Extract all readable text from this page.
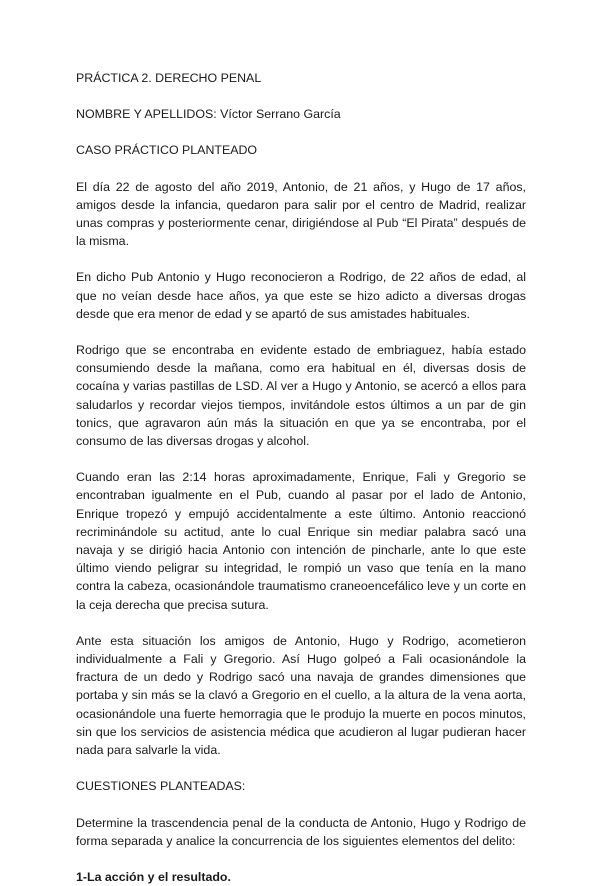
PRÁCTICA 2. DERECHO PENAL

NOMBRE Y APELLIDOS: Víctor Serrano García

CASO PRÁCTICO PLANTEADO

El día 22 de agosto del año 2019, Antonio, de 21 años, y Hugo de 17 años, amigos desde la infancia, quedaron para salir por el centro de Madrid, realizar unas compras y posteriormente cenar, dirigiéndose al Pub “El Pirata” después de la misma.

En dicho Pub Antonio y Hugo reconocieron a Rodrigo, de 22 años de edad, al que no veían desde hace años, ya que este se hizo adicto a diversas drogas desde que era menor de edad y se apartó de sus amistades habituales.

Rodrigo que se encontraba en evidente estado de embriaguez, había estado consumiendo desde la mañana, como era habitual en él, diversas dosis de cocaína y varias pastillas de LSD. Al ver a Hugo y Antonio, se acercó a ellos para saludarlos y recordar viejos tiempos, invitándole estos últimos a un par de gin tonics, que agravaron aún más la situación en que ya se encontraba, por el consumo de las diversas drogas y alcohol.

Cuando eran las 2:14 horas aproximadamente, Enrique, Fali y Gregorio se encontraban igualmente en el Pub, cuando al pasar por el lado de Antonio, Enrique tropezó y empujó accidentalmente a este último. Antonio reaccionó recriminándole su actitud, ante lo cual Enrique sin mediar palabra sacó una navaja y se dirigió hacia Antonio con intención de pincharle, ante lo que este último viendo peligrar su integridad, le rompió un vaso que tenía en la mano contra la cabeza, ocasionándole traumatismo craneoencefálico leve y un corte en la ceja derecha que precisa sutura.

Ante esta situación los amigos de Antonio, Hugo y Rodrigo, acometieron individualmente a Fali y Gregorio. Así Hugo golpeó a Fali ocasionándole la fractura de un dedo y Rodrigo sacó una navaja de grandes dimensiones que portaba y sin más se la clavó a Gregorio en el cuello, a la altura de la vena aorta, ocasionándole una fuerte hemorragia que le produjo la muerte en pocos minutos, sin que los servicios de asistencia médica que acudieron al lugar pudieran hacer nada para salvarle la vida.

CUESTIONES PLANTEADAS:

Determine la trascendencia penal de la conducta de Antonio, Hugo y Rodrigo de forma separada y analice la concurrencia de los siguientes elementos del delito:

1-La acción y el resultado.
